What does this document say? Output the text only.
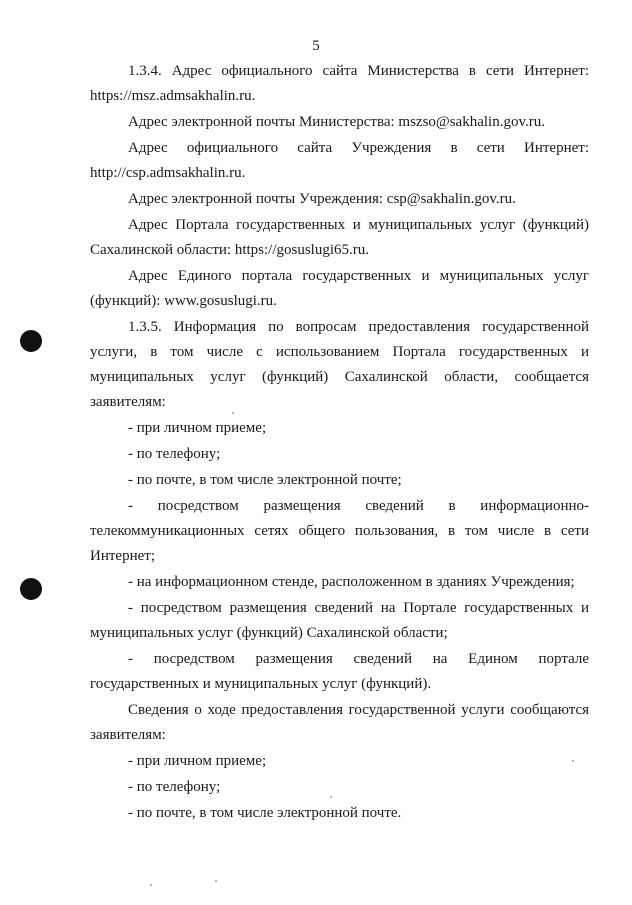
5

1.3.4. Адрес официального сайта Министерства в сети Интернет: https://msz.admsakhalin.ru.

Адрес электронной почты Министерства: mszso@sakhalin.gov.ru.

Адрес официального сайта Учреждения в сети Интернет: http://csp.admsakhalin.ru.

Адрес электронной почты Учреждения: csp@sakhalin.gov.ru.

Адрес Портала государственных и муниципальных услуг (функций) Сахалинской области: https://gosuslugi65.ru.

Адрес Единого портала государственных и муниципальных услуг (функций): www.gosuslugi.ru.

1.3.5. Информация по вопросам предоставления государственной услуги, в том числе с использованием Портала государственных и муниципальных услуг (функций) Сахалинской области, сообщается заявителям:

- при личном приеме;

- по телефону;

- по почте, в том числе электронной почте;

- посредством размещения сведений в информационно-телекоммуникационных сетях общего пользования, в том числе в сети Интернет;

- на информационном стенде, расположенном в зданиях Учреждения;

- посредством размещения сведений на Портале государственных и муниципальных услуг (функций) Сахалинской области;

- посредством размещения сведений на Едином портале государственных и муниципальных услуг (функций).

Сведения о ходе предоставления государственной услуги сообщаются заявителям:

- при личном приеме;

- по телефону;

- по почте, в том числе электронной почте.
